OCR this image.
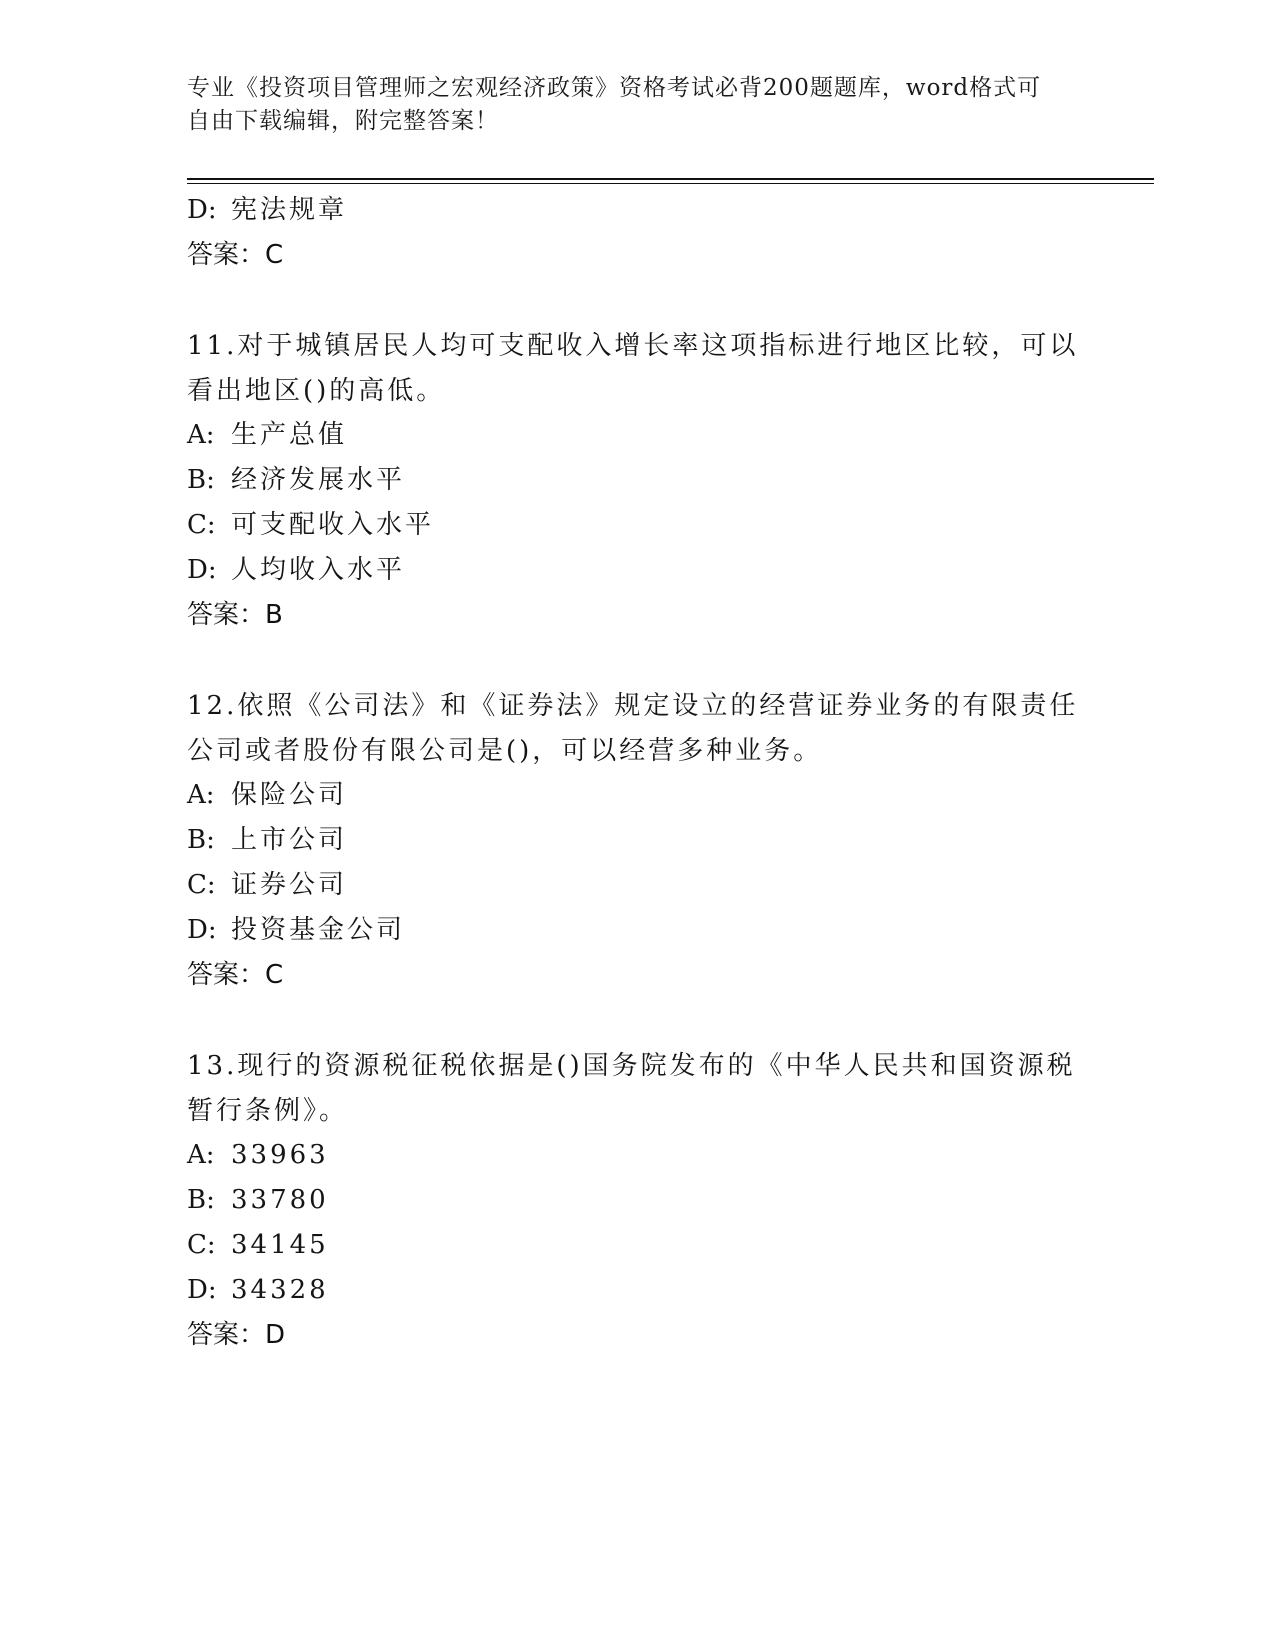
专业《投资项目管理师之宏观经济政策》资格考试必背200题题库，word格式可
自由下载编辑，附完整答案！
D: 宪法规章
答案：C
11.对于城镇居民人均可支配收入增长率这项指标进行地区比较，可以
看出地区()的高低。
A: 生产总值
B: 经济发展水平
C: 可支配收入水平
D: 人均收入水平
答案：B
12.依照《公司法》和《证券法》规定设立的经营证券业务的有限责任
公司或者股份有限公司是()，可以经营多种业务。
A: 保险公司
B: 上市公司
C: 证券公司
D: 投资基金公司
答案：C
13.现行的资源税征税依据是()国务院发布的《中华人民共和国资源税
暂行条例》。
A: 33963
B: 33780
C: 34145
D: 34328
答案：D
